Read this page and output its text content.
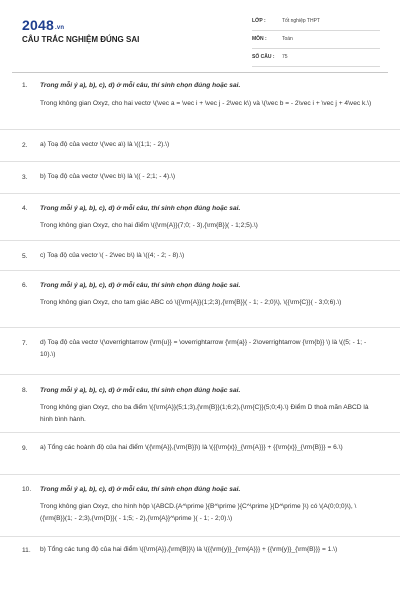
2048.vn
CÂU TRẮC NGHIỆM ĐÚNG SAI
LỚP :	Tốt nghiệp THPT
MÔN :	Toán
SỐ CÂU : 75
1. Trong mỗi ý a), b), c), d) ở mỗi câu, thí sinh chọn đúng hoặc sai.
Trong không gian Oxyz, cho hai vectơ \(\vec a = \vec i + \vec j - 2\vec k\) và \(\vec b = - 2\vec i + \vec j + 4\vec k.\)
2. a) Toạ độ của vectơ \(\vec a\) là \((1;1; - 2).\)
3. b) Toạ độ của vectơ \(\vec b\) là \(( - 2;1; - 4).\)
4. Trong mỗi ý a), b), c), d) ở mỗi câu, thí sinh chọn đúng hoặc sai.
Trong không gian Oxyz, cho hai điểm \({\rm{A}}(7;0; - 3),{\rm{B}}( - 1;2;5).\)
5. c) Toạ độ của vectơ \( - 2\vec b\) là \((4; - 2; - 8).\)
6. Trong mỗi ý a), b), c), d) ở mỗi câu, thí sinh chọn đúng hoặc sai.
Trong không gian Oxyz, cho tam giác ABC có \({\rm{A}}(1;2;3),{\rm{B}}( - 1; - 2;0)\), \({\rm{C}}( - 3;0;6).\)
7. d) Toạ độ của vectơ \(\overrightarrow {\rm{u}} = \overrightarrow {\rm{a}} - 2\overrightarrow {\rm{b}} \) là \((5; - 1; - 10).\)
8. Trong mỗi ý a), b), c), d) ở mỗi câu, thí sinh chọn đúng hoặc sai.
Trong không gian Oxyz, cho ba điểm \({\rm{A}}(5;1;3),{\rm{B}}(1;6;2),{\rm{C}}(5;0;4).\) Điểm D thoả mãn ABCD là hình bình hành.
9. a) Tổng các hoành độ của hai điểm \({\rm{A}},{\rm{B}}\) là \({{\rm{x}}_{\rm{A}}} + {{\rm{x}}_{\rm{B}}} = 6.\)
10. Trong mỗi ý a), b), c), d) ở mỗi câu, thí sinh chọn đúng hoặc sai.
Trong không gian Oxyz, cho hình hộp \(ABCD.{A^\prime }{B^\prime }{C^\prime }{D^\prime }\) có \(A(0;0;0)\), \({\rm{B}}(1; - 2;3),{\rm{D}}( - 1;5; - 2),{\rm{A}}^\prime }( - 1; - 2;0).\)
11. b) Tổng các tung độ của hai điểm \({\rm{A}},{\rm{B}}\) là \({{\rm{y}}_{\rm{A}}} + {{\rm{y}}_{\rm{B}}} = 1.\)
